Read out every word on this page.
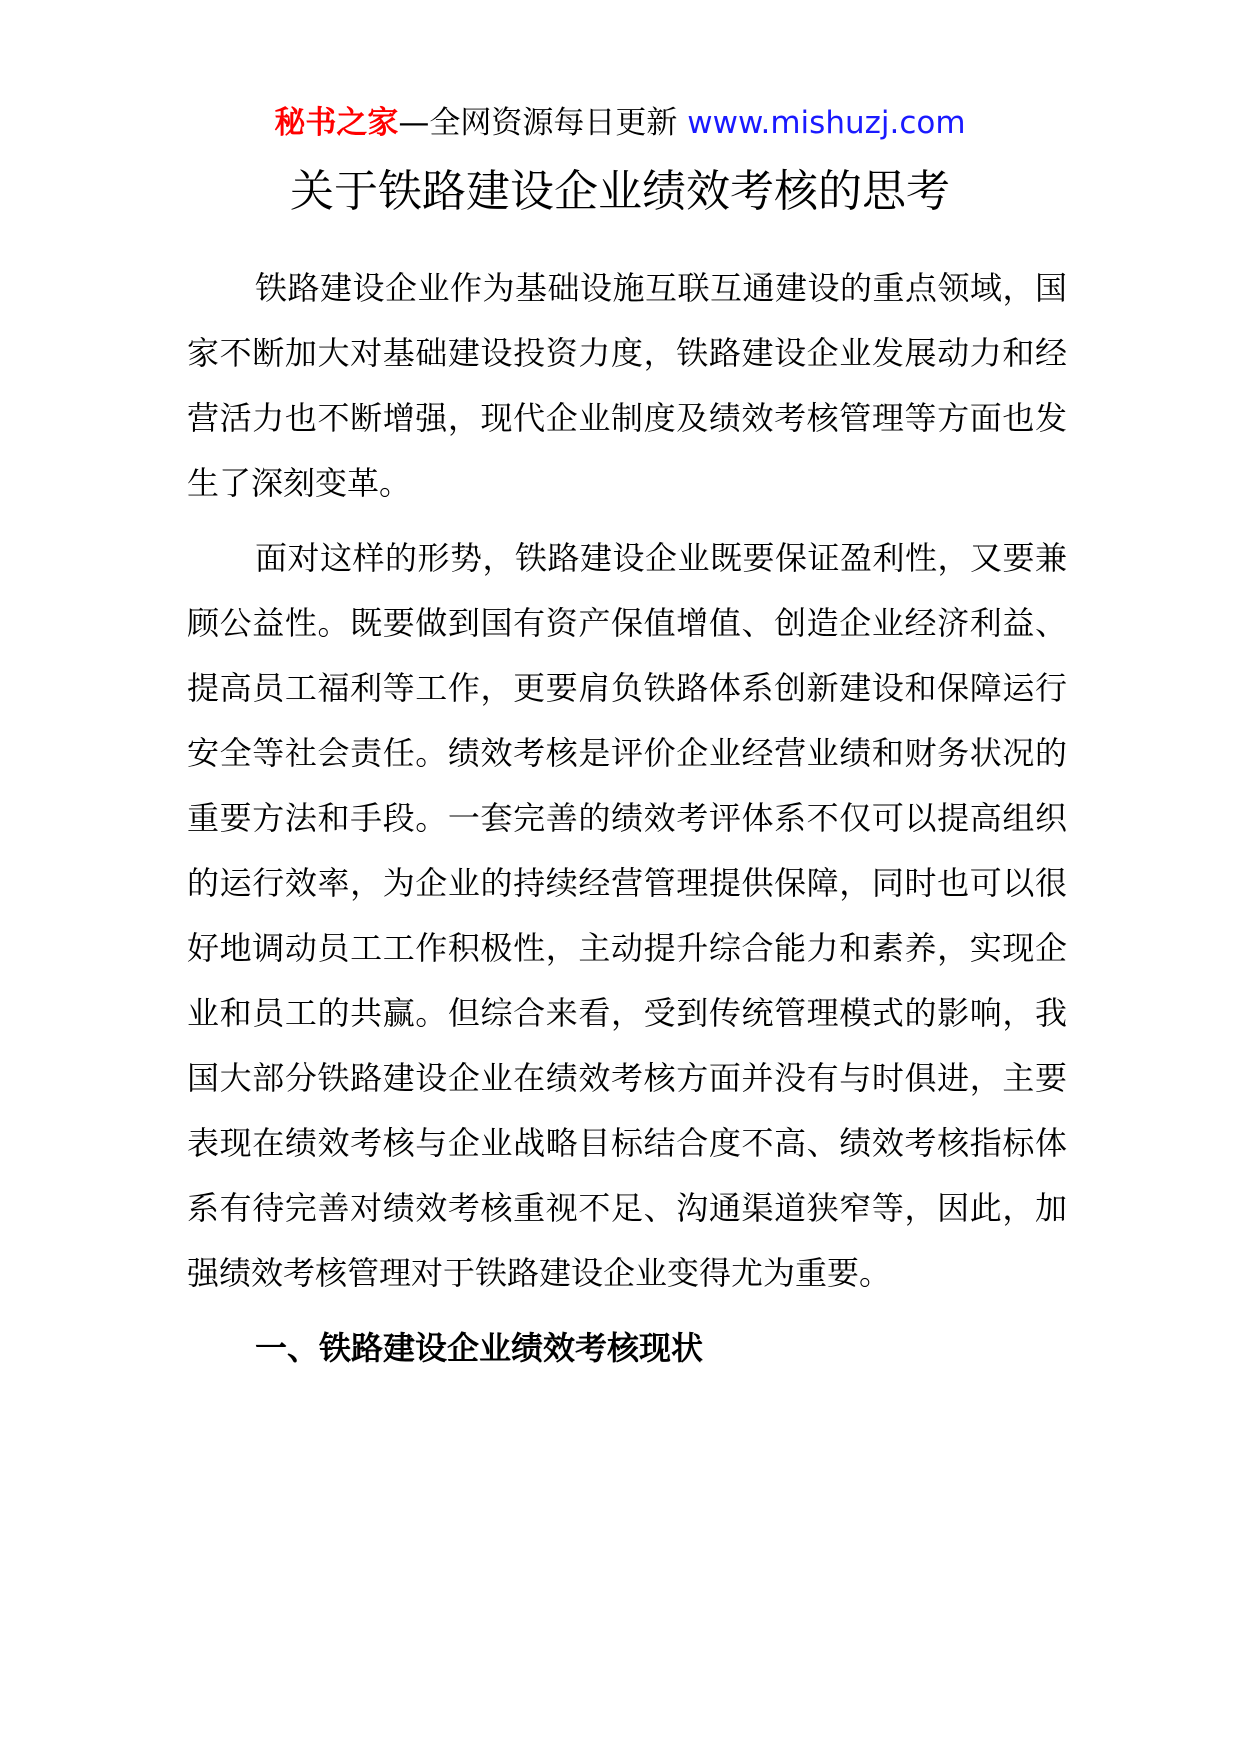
秘书之家—全网资源每日更新 www.mishuzj.com
关于铁路建设企业绩效考核的思考

铁路建设企业作为基础设施互联互通建设的重点领域，国家不断加大对基础建设投资力度，铁路建设企业发展动力和经营活力也不断增强，现代企业制度及绩效考核管理等方面也发生了深刻变革。

面对这样的形势，铁路建设企业既要保证盈利性，又要兼顾公益性。既要做到国有资产保值增值、创造企业经济利益、提高员工福利等工作，更要肩负铁路体系创新建设和保障运行安全等社会责任。绩效考核是评价企业经营业绩和财务状况的重要方法和手段。一套完善的绩效考评体系不仅可以提高组织的运行效率，为企业的持续经营管理提供保障，同时也可以很好地调动员工工作积极性，主动提升综合能力和素养，实现企业和员工的共赢。但综合来看，受到传统管理模式的影响，我国大部分铁路建设企业在绩效考核方面并没有与时俱进，主要表现在绩效考核与企业战略目标结合度不高、绩效考核指标体系有待完善对绩效考核重视不足、沟通渠道狭窄等，因此，加强绩效考核管理对于铁路建设企业变得尤为重要。

一、铁路建设企业绩效考核现状
